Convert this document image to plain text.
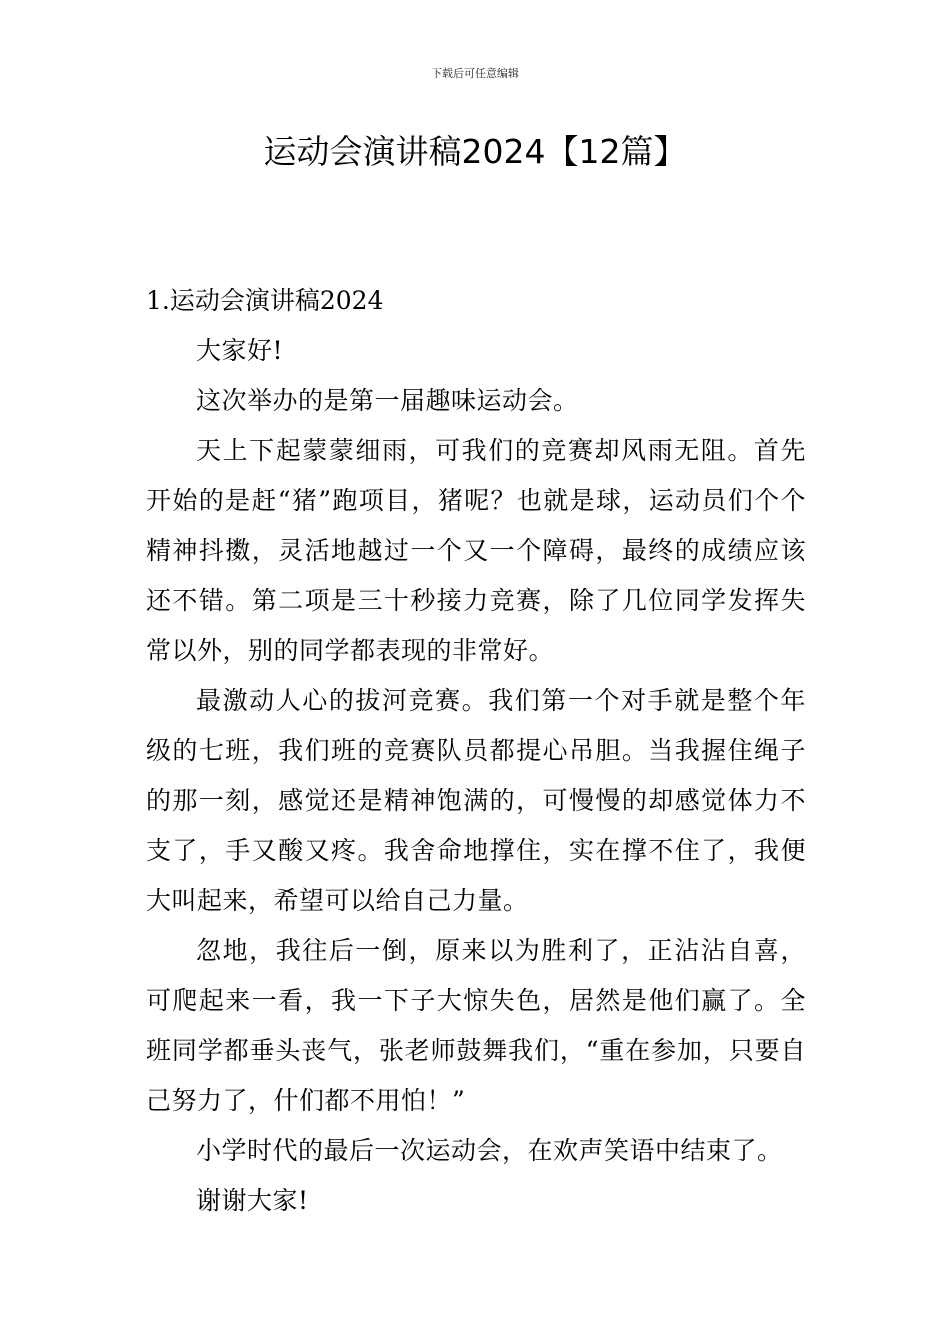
下载后可任意编辑
运动会演讲稿2024【12篇】

1.运动会演讲稿2024

大家好!

这次举办的是第一届趣味运动会。

天上下起蒙蒙细雨，可我们的竞赛却风雨无阻。首先开始的是赶“猪”跑项目，猪呢？也就是球，运动员们个个精神抖擞，灵活地越过一个又一个障碍，最终的成绩应该还不错。第二项是三十秒接力竞赛，除了几位同学发挥失常以外，别的同学都表现的非常好。

最激动人心的拔河竞赛。我们第一个对手就是整个年级的七班，我们班的竞赛队员都提心吊胆。当我握住绳子的那一刻，感觉还是精神饱满的，可慢慢的却感觉体力不支了，手又酸又疼。我舍命地撑住，实在撑不住了，我便大叫起来，希望可以给自己力量。

忽地，我往后一倒，原来以为胜利了，正沾沾自喜，可爬起来一看，我一下子大惊失色，居然是他们赢了。全班同学都垂头丧气，张老师鼓舞我们，“重在参加，只要自己努力了，什们都不用怕！”

小学时代的最后一次运动会，在欢声笑语中结束了。

谢谢大家!
